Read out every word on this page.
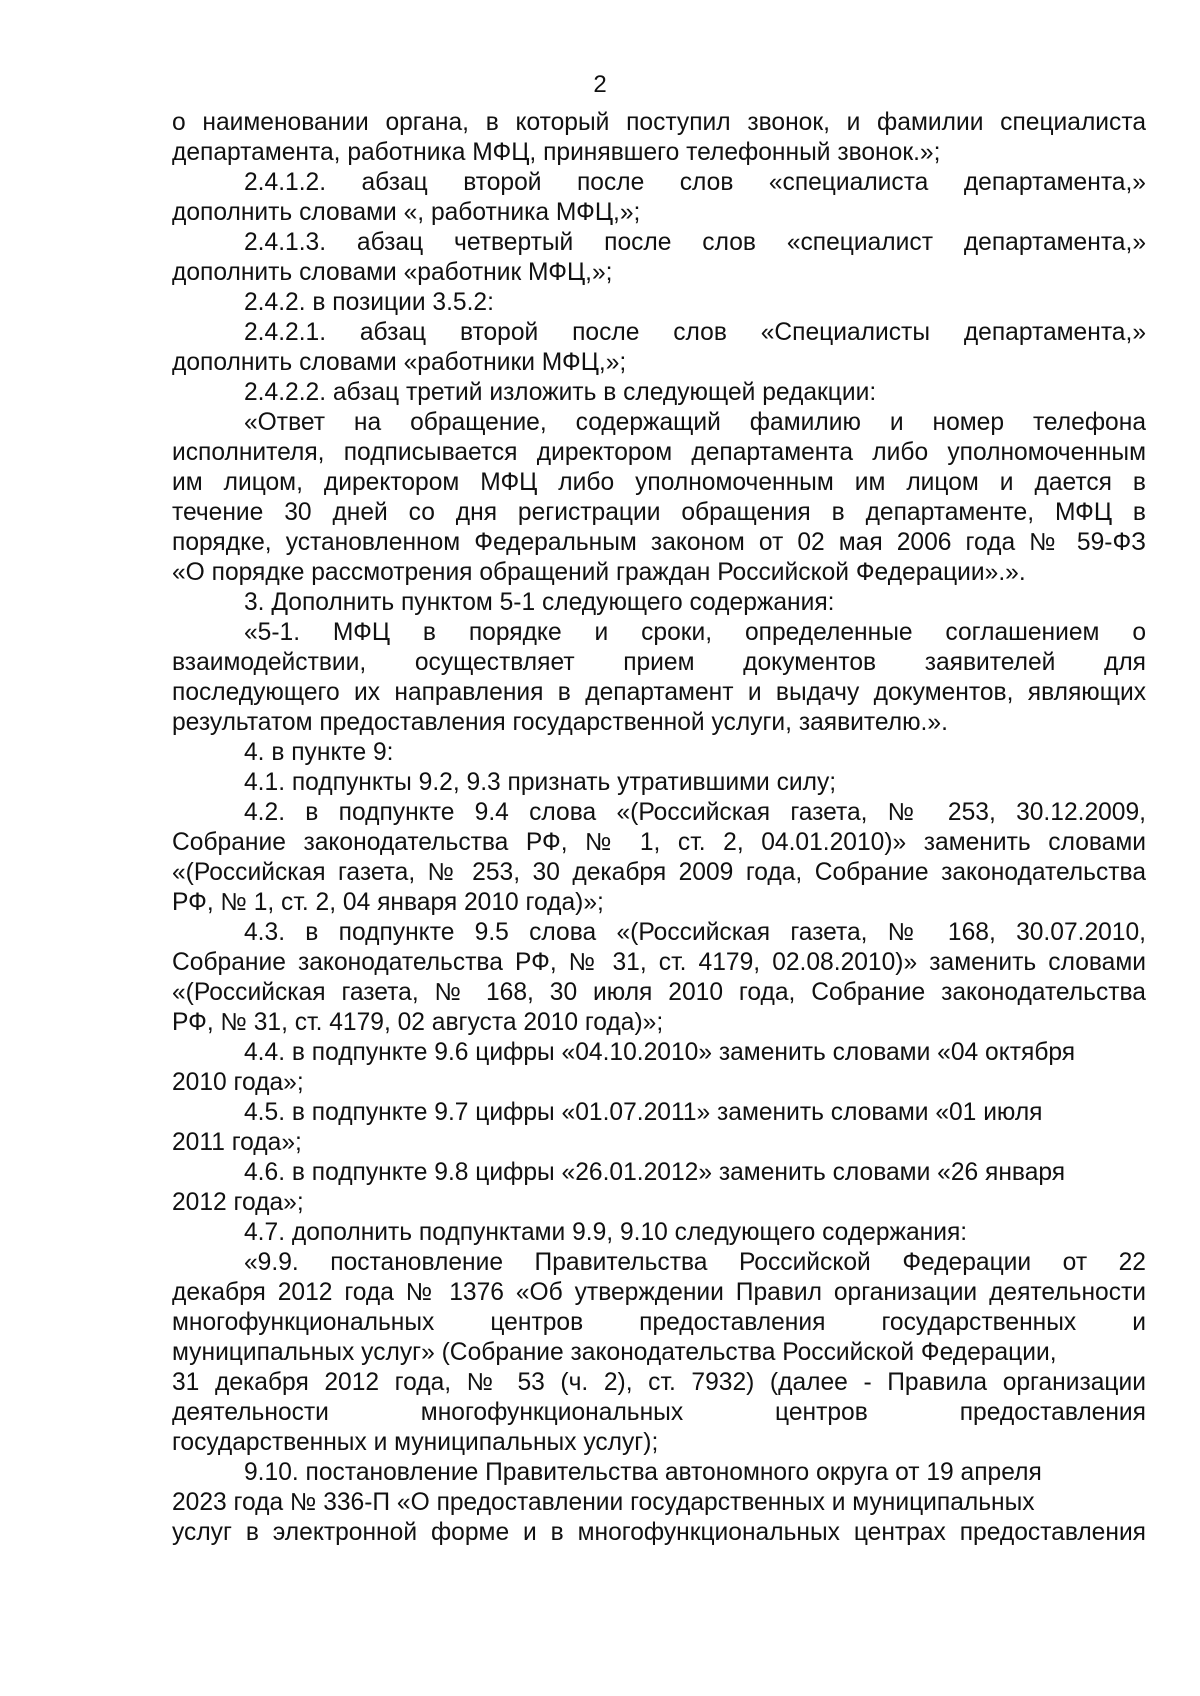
2
о наименовании органа, в который поступил звонок, и фамилии специалиста
департамента, работника МФЦ, принявшего телефонный звонок.»;
2.4.1.2. абзац второй после слов «специалиста департамента,»
дополнить словами «, работника МФЦ,»;
2.4.1.3. абзац четвертый после слов «специалист департамента,»
дополнить словами «работник МФЦ,»;
2.4.2. в позиции 3.5.2:
2.4.2.1. абзац второй после слов «Специалисты департамента,»
дополнить словами «работники МФЦ,»;
2.4.2.2. абзац третий изложить в следующей редакции:
«Ответ на обращение, содержащий фамилию и номер телефона
исполнителя, подписывается директором департамента либо уполномоченным
им лицом, директором МФЦ либо уполномоченным им лицом и дается в
течение 30 дней со дня регистрации обращения в департаменте, МФЦ в
порядке, установленном Федеральным законом от 02 мая 2006 года № 59-ФЗ
«О порядке рассмотрения обращений граждан Российской Федерации».».
3. Дополнить пунктом 5-1 следующего содержания:
«5-1. МФЦ в порядке и сроки, определенные соглашением о
взаимодействии, осуществляет прием документов заявителей для
последующего их направления в департамент и выдачу документов, являющих
результатом предоставления государственной услуги, заявителю.».
4. в пункте 9:
4.1. подпункты 9.2, 9.3 признать утратившими силу;
4.2. в подпункте 9.4 слова «(Российская газета, № 253, 30.12.2009,
Собрание законодательства РФ, № 1, ст. 2, 04.01.2010)» заменить словами
«(Российская газета, № 253, 30 декабря 2009 года, Собрание законодательства
РФ, № 1, ст. 2, 04 января 2010 года)»;
4.3. в подпункте 9.5 слова «(Российская газета, № 168, 30.07.2010,
Собрание законодательства РФ, № 31, ст. 4179, 02.08.2010)» заменить словами
«(Российская газета, № 168, 30 июля 2010 года, Собрание законодательства
РФ, № 31, ст. 4179, 02 августа 2010 года)»;
4.4. в подпункте 9.6 цифры «04.10.2010» заменить словами «04 октября
2010 года»;
4.5. в подпункте 9.7 цифры «01.07.2011» заменить словами «01 июля
2011 года»;
4.6. в подпункте 9.8 цифры «26.01.2012» заменить словами «26 января
2012 года»;
4.7. дополнить подпунктами 9.9, 9.10 следующего содержания:
«9.9. постановление Правительства Российской Федерации от 22
декабря 2012 года № 1376 «Об утверждении Правил организации деятельности
многофункциональных центров предоставления государственных и
муниципальных услуг» (Собрание законодательства Российской Федерации,
31 декабря 2012 года, № 53 (ч. 2), ст. 7932) (далее - Правила организации
деятельности многофункциональных центров предоставления
государственных и муниципальных услуг);
9.10. постановление Правительства автономного округа от 19 апреля
2023 года № 336-П «О предоставлении государственных и муниципальных
услуг в электронной форме и в многофункциональных центрах предоставления
